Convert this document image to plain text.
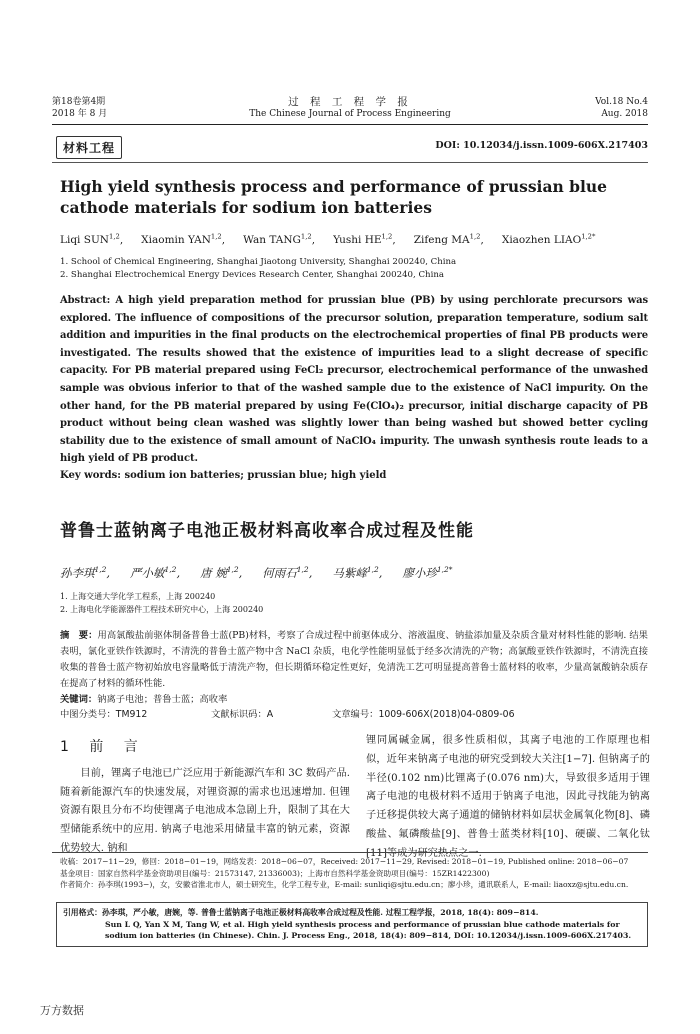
第18卷第4期
2018 年 8 月
过 程 工 程 学 报
The Chinese Journal of Process Engineering
Vol.18 No.4
Aug. 2018
材料工程	DOI: 10.12034/j.issn.1009-606X.217403
High yield synthesis process and performance of prussian blue cathode materials for sodium ion batteries
Liqi SUN$^{1,2}$, Xiaomin YAN$^{1,2}$, Wan TANG$^{1,2}$, Yushi HE$^{1,2}$, Zifeng MA$^{1,2}$, Xiaozhen $LIAO^{1,2*}$
1. School of Chemical Engineering, Shanghai Jiaotong University, Shanghai 200240, China
2. Shanghai Electrochemical Energy Devices Research Center, Shanghai 200240, China
Abstract: A high yield preparation method for prussian blue (PB) by using perchlorate precursors was explored. The influence of compositions of the precursor solution, preparation temperature, sodium salt addition and impurities in the final products on the electrochemical properties of final PB products were investigated. The results showed that the existence of impurities lead to a slight decrease of specific capacity. For PB material prepared using FeCl₂ precursor, electrochemical performance of the unwashed sample was obvious inferior to that of the washed sample due to the existence of NaCl impurity. On the other hand, for the PB material prepared by using Fe(ClO₄)₂ precursor, initial discharge capacity of PB product without being clean washed was slightly lower than being washed but showed better cycling stability due to the existence of small amount of NaClO₄ impurity. The unwash synthesis route leads to a high yield of PB product.
Key words: sodium ion batteries; prussian blue; high yield
普鲁士蓝钠离子电池正极材料高收率合成过程及性能
孙李琪$^{1,2}$, 严小敏$^{1,2}$, 唐 婉$^{1,2}$, 何雨石$^{1,2}$, 马紫峰$^{1,2}$, 廖小珍$^{1,2*}$
1. 上海交通大学化学工程系，上海 200240
2. 上海电化学能源器件工程技术研究中心，上海 200240
摘　要：用高氯酸盐前驱体制备普鲁士蓝(PB)材料，考察了合成过程中前驱体成分、溶液温度、钠盐添加量及杂质含量对材料性能的影响. 结果表明，氯化亚铁作铁源时，不清洗的普鲁士蓝产物中含 NaCl 杂质，电化学性能明显低于经多次清洗的产物；高氯酸亚铁作铁源时，不清洗直接收集的普鲁士蓝产物初始放电容量略低于清洗产物，但长期循环稳定性更好，免清洗工艺可明显提高普鲁士蓝材料的收率，少量高氯酸钠杂质存在提高了材料的循环性能.
关键词：钠离子电池；普鲁士蓝；高收率
中图分类号：TM912	文献标识码：A	文章编号：1009-606X(2018)04-0809-06
1 前 言
目前，锂离子电池已广泛应用于新能源汽车和 3C 数码产品. 随着新能源汽车的快速发展，对锂资源的需求也迅速增加. 但锂资源有限且分布不均使锂离子电池成本急剧上升，限制了其在大型储能系统中的应用. 钠离子电池采用储量丰富的钠元素，资源优势较大. 钠和
锂同属碱金属，很多性质相似，其离子电池的工作原理也相似，近年来钠离子电池的研究受到较大关注[1−7]. 但钠离子的半径(0.102 nm)比锂离子(0.076 nm)大，导致很多适用于锂离子电池的电极材料不适用于钠离子电池，因此寻找能为钠离子迁移提供较大离子通道的储钠材料如层状金属氧化物[8]、磷酸盐、氟磷酸盐[9]、普鲁士蓝类材料[10]、硬碳、二氧化钛[11]等成为研究热点之一.
收稿：2017−11−29，修回：2018−01−19，网络发表：2018−06−07，Received: 2017−11−29, Revised: 2018−01−19, Published online: 2018−06−07
基金项目：国家自然科学基金资助项目(编号：21573147, 21336003)；上海市自然科学基金资助项目(编号：15ZR1422300)
作者简介：孙李琪(1993−)，女，安徽省淮北市人，硕士研究生，化学工程专业，E-mail: sunliqi@sjtu.edu.cn；廖小珍，通讯联系人，E-mail: liaoxz@sjtu.edu.cn.
引用格式：孙李琪，严小敏，唐婉，等. 普鲁士蓝钠离子电池正极材料高收率合成过程及性能. 过程工程学报，2018, 18(4): 809−814.
Sun L Q, Yan X M, Tang W, et al. High yield synthesis process and performance of prussian blue cathode materials for sodium ion batteries (in Chinese). Chin. J. Process Eng., 2018, 18(4): 809−814, DOI: 10.12034/j.issn.1009-606X.217403.
万方数据
